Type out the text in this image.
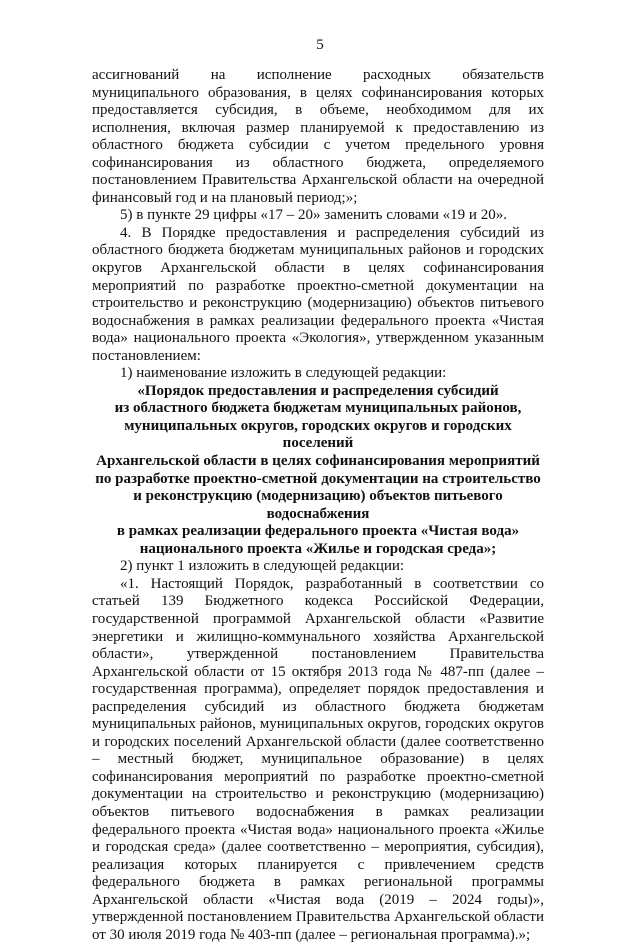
5

ассигнований на исполнение расходных обязательств муниципального образования, в целях софинансирования которых предоставляется субсидия, в объеме, необходимом для их исполнения, включая размер планируемой к предоставлению из областного бюджета субсидии с учетом предельного уровня софинансирования из областного бюджета, определяемого постановлением Правительства Архангельской области на очередной финансовый год и на плановый период;»;

5) в пункте 29 цифры «17 – 20» заменить словами «19 и 20».

4. В Порядке предоставления и распределения субсидий из областного бюджета бюджетам муниципальных районов и городских округов Архангельской области в целях софинансирования мероприятий по разработке проектно-сметной документации на строительство и реконструкцию (модернизацию) объектов питьевого водоснабжения в рамках реализации федерального проекта «Чистая вода» национального проекта «Экология», утвержденном указанным постановлением:

1) наименование изложить в следующей редакции:

«Порядок предоставления и распределения субсидий

из областного бюджета бюджетам муниципальных районов,

муниципальных округов, городских округов и городских поселений

Архангельской области в целях софинансирования мероприятий

по разработке проектно-сметной документации на строительство

и реконструкцию (модернизацию) объектов питьевого водоснабжения

в рамках реализации федерального проекта «Чистая вода»

национального проекта «Жилье и городская среда»;

2) пункт 1 изложить в следующей редакции:

«1. Настоящий Порядок, разработанный в соответствии со статьей 139 Бюджетного кодекса Российской Федерации, государственной программой Архангельской области «Развитие энергетики и жилищно-коммунального хозяйства Архангельской области», утвержденной постановлением Правительства Архангельской области от 15 октября 2013 года № 487-пп (далее – государственная программа), определяет порядок предоставления и распределения субсидий из областного бюджета бюджетам муниципальных районов, муниципальных округов, городских округов и городских поселений Архангельской области (далее соответственно – местный бюджет, муниципальное образование) в целях софинансирования мероприятий по разработке проектно-сметной документации на строительство и реконструкцию (модернизацию) объектов питьевого водоснабжения в рамках реализации федерального проекта «Чистая вода» национального проекта «Жилье и городская среда» (далее соответственно – мероприятия, субсидия), реализация которых планируется с привлечением средств федерального бюджета в рамках региональной программы Архангельской области «Чистая вода (2019 – 2024 годы)», утвержденной постановлением Правительства Архангельской области от 30 июля 2019 года № 403-пп (далее – региональная программа).»;
